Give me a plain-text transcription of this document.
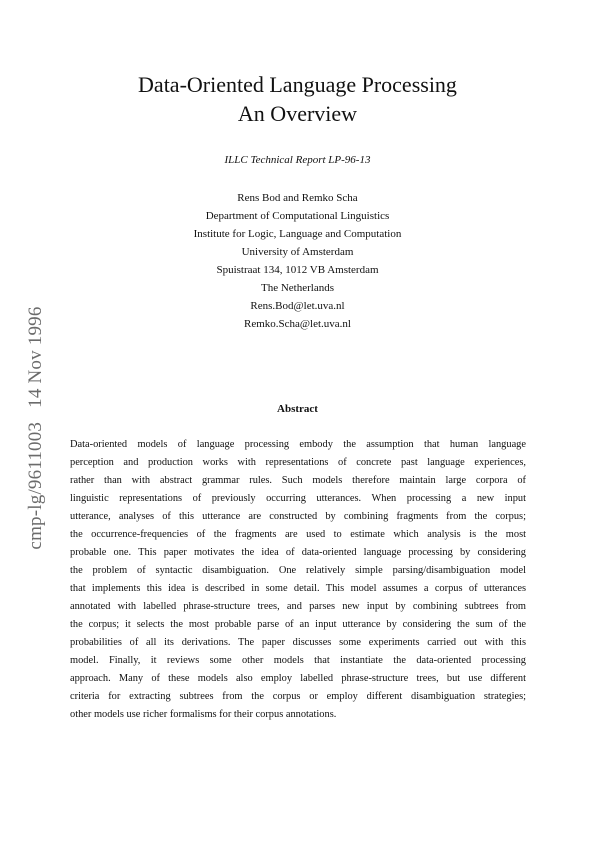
cmp-lg/961100314 Nov 1996
Data-Oriented Language Processing
An Overview
ILLC Technical Report LP-96-13
Rens Bod and Remko Scha
Department of Computational Linguistics
Institute for Logic, Language and Computation
University of Amsterdam
Spuistraat 134, 1012 VB Amsterdam
The Netherlands
Rens.Bod@let.uva.nl
Remko.Scha@let.uva.nl
Abstract
Data-oriented models of language processing embody the assumption that human language
perception and production works with representations of concrete past language experiences,
rather than with abstract grammar rules. Such models therefore maintain large corpora of
linguistic representations of previously occurring utterances. When processing a new input
utterance, analyses of this utterance are constructed by combining fragments from the corpus;
the occurrence-frequencies of the fragments are used to estimate which analysis is the most
probable one. This paper motivates the idea of data-oriented language processing by considering
the problem of syntactic disambiguation. One relatively simple parsing/disambiguation model
that implements this idea is described in some detail. This model assumes a corpus of utterances
annotated with labelled phrase-structure trees, and parses new input by combining subtrees from
the corpus; it selects the most probable parse of an input utterance by considering the sum of the
probabilities of all its derivations. The paper discusses some experiments carried out with this
model. Finally, it reviews some other models that instantiate the data-oriented processing
approach. Many of these models also employ labelled phrase-structure trees, but use different
criteria for extracting subtrees from the corpus or employ different disambiguation strategies;
other models use richer formalisms for their corpus annotations.
